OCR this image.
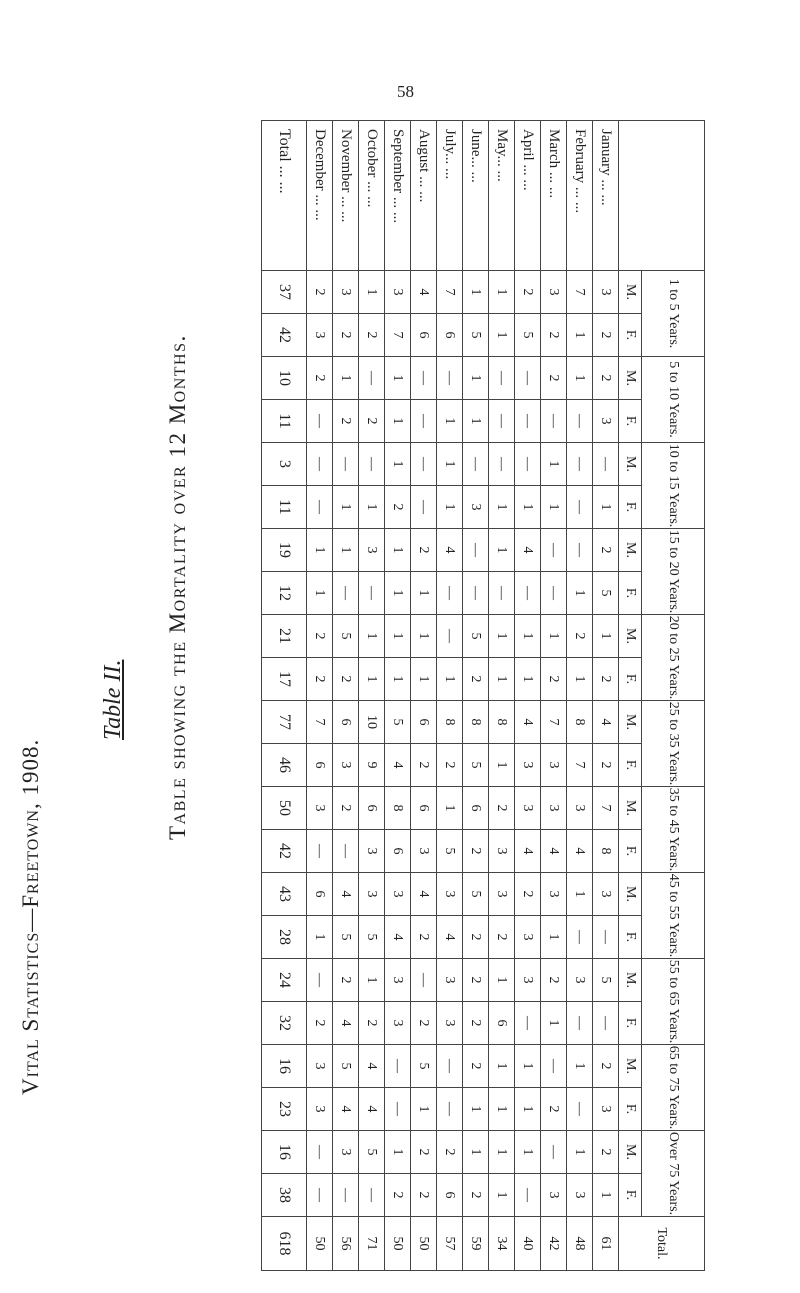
58
Vital Statistics—Freetown, 1908.
Table II. Table showing the Mortality over 12 Months.
	1 to 5 Years.		5 to 10 Years.		10 to 15 Years.		15 to 20 Years.		20 to 25 Years.		25 to 35 Years.		35 to 45 Years.		45 to 55 Years.		55 to 65 Years.		65 to 75 Years.		Over 75 Years.		Total.
	M.	F.	M.	F.	M.	F.	M.	F.	M.	F.	M.	F.	M.	F.	M.	F.	M.	F.	M.	F.	M.	F.	
January ... ...	3	2	2	3	—	1	2	5	1	2	4	2	7	8	3	—	5	—	2	3	2	1	61
February ... ...	7	1	1	—	—	—	—	1	2	1	8	7	3	4	1	—	3	—	1	—	1	3	48
March ... ...	3	2	2	—	1	1	—	—	1	2	7	3	3	4	3	1	2	1	—	2	—	3	42
April ... ...	2	5	—	—	—	1	4	—	1	1	4	3	3	4	2	3	3	—	1	1	1	—	40
May... ...	1	1	—	—	—	1	1	—	1	1	8	1	2	3	3	2	1	6	1	1	1	1	34
June... ...	1	5	1	1	—	3	—	—	5	2	8	5	6	2	5	2	2	2	2	1	1	2	59
July... ...	7	6	—	1	1	1	4	—	—	1	8	2	1	5	3	4	3	3	—	—	2	6	57
August ... ...	4	6	—	—	—	—	2	1	1	1	6	2	6	3	4	2	—	2	5	1	2	2	50
September ... ...	3	7	1	1	1	2	1	1	1	1	5	4	8	6	3	4	3	3	—	—	1	2	50
October ... ...	1	2	—	2	—	1	3	—	1	1	10	9	6	3	3	5	1	2	4	4	5	—	71
November ... ...	3	2	1	2	—	1	1	—	5	2	6	3	2	—	4	5	2	4	5	4	3	—	56
December ... ...	2	3	2	—	—	—	1	1	2	2	7	6	3	—	6	1	—	2	3	3	—	—	50
Total ... ...	37	42	10	11	3	11	19	12	21	17	77	46	50	42	43	28	24	32	16	23	16	38	618
